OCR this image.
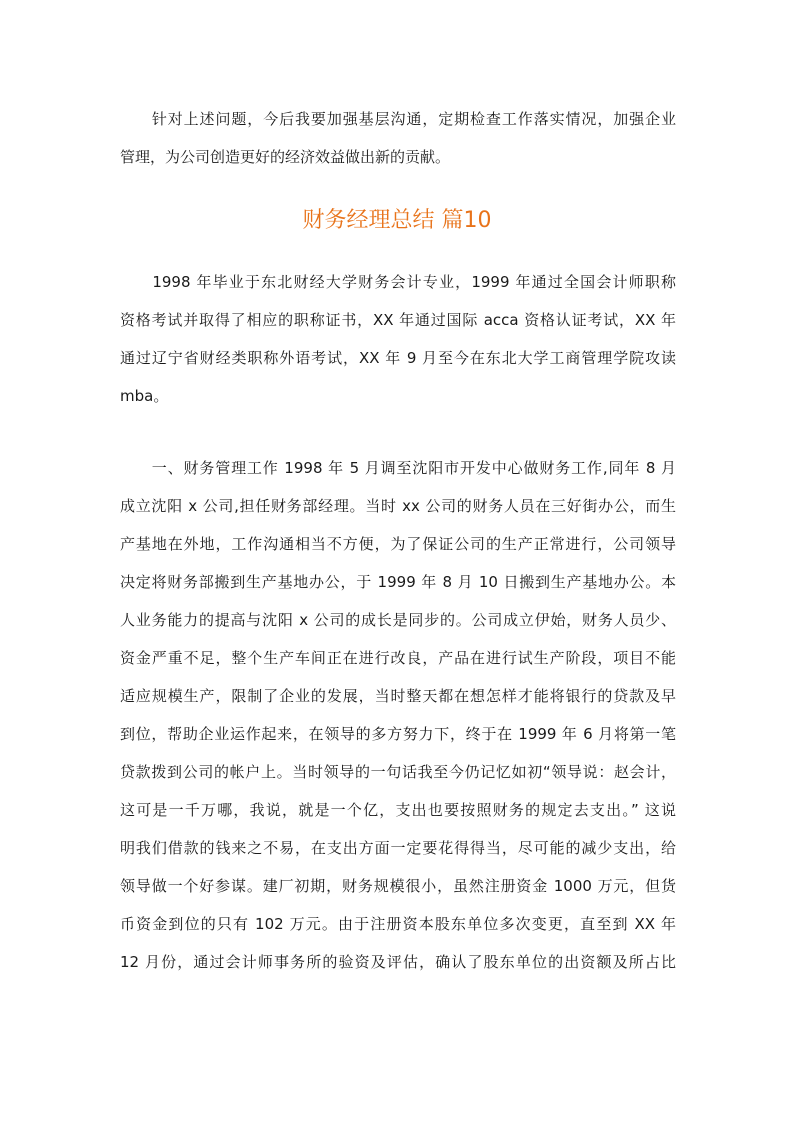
　　针对上述问题，今后我要加强基层沟通，定期检查工作落实情况，加强企业
管理，为公司创造更好的经济效益做出新的贡献。
财务经理总结 篇10
　　1998 年毕业于东北财经大学财务会计专业，1999 年通过全国会计师职称
资格考试并取得了相应的职称证书，XX 年通过国际 acca 资格认证考试，XX 年
通过辽宁省财经类职称外语考试，XX 年 9 月至今在东北大学工商管理学院攻读
mba。
　　一、财务管理工作 1998 年 5 月调至沈阳市开发中心做财务工作,同年 8 月
成立沈阳 x 公司,担任财务部经理。当时 xx 公司的财务人员在三好街办公，而生
产基地在外地，工作沟通相当不方便，为了保证公司的生产正常进行，公司领导
决定将财务部搬到生产基地办公，于 1999 年 8 月 10 日搬到生产基地办公。本
人业务能力的提高与沈阳 x 公司的成长是同步的。公司成立伊始，财务人员少、
资金严重不足，整个生产车间正在进行改良，产品在进行试生产阶段，项目不能
适应规模生产，限制了企业的发展，当时整天都在想怎样才能将银行的贷款及早
到位，帮助企业运作起来，在领导的多方努力下，终于在 1999 年 6 月将第一笔
贷款拨到公司的帐户上。当时领导的一句话我至今仍记忆如初“领导说：赵会计，
这可是一千万哪，我说，就是一个亿，支出也要按照财务的规定去支出。” 这说
明我们借款的钱来之不易，在支出方面一定要花得得当，尽可能的减少支出，给
领导做一个好参谋。建厂初期，财务规模很小，虽然注册资金 1000 万元，但货
币资金到位的只有 102 万元。由于注册资本股东单位多次变更，直至到 XX 年
12 月份，通过会计师事务所的验资及评估，确认了股东单位的出资额及所占比
